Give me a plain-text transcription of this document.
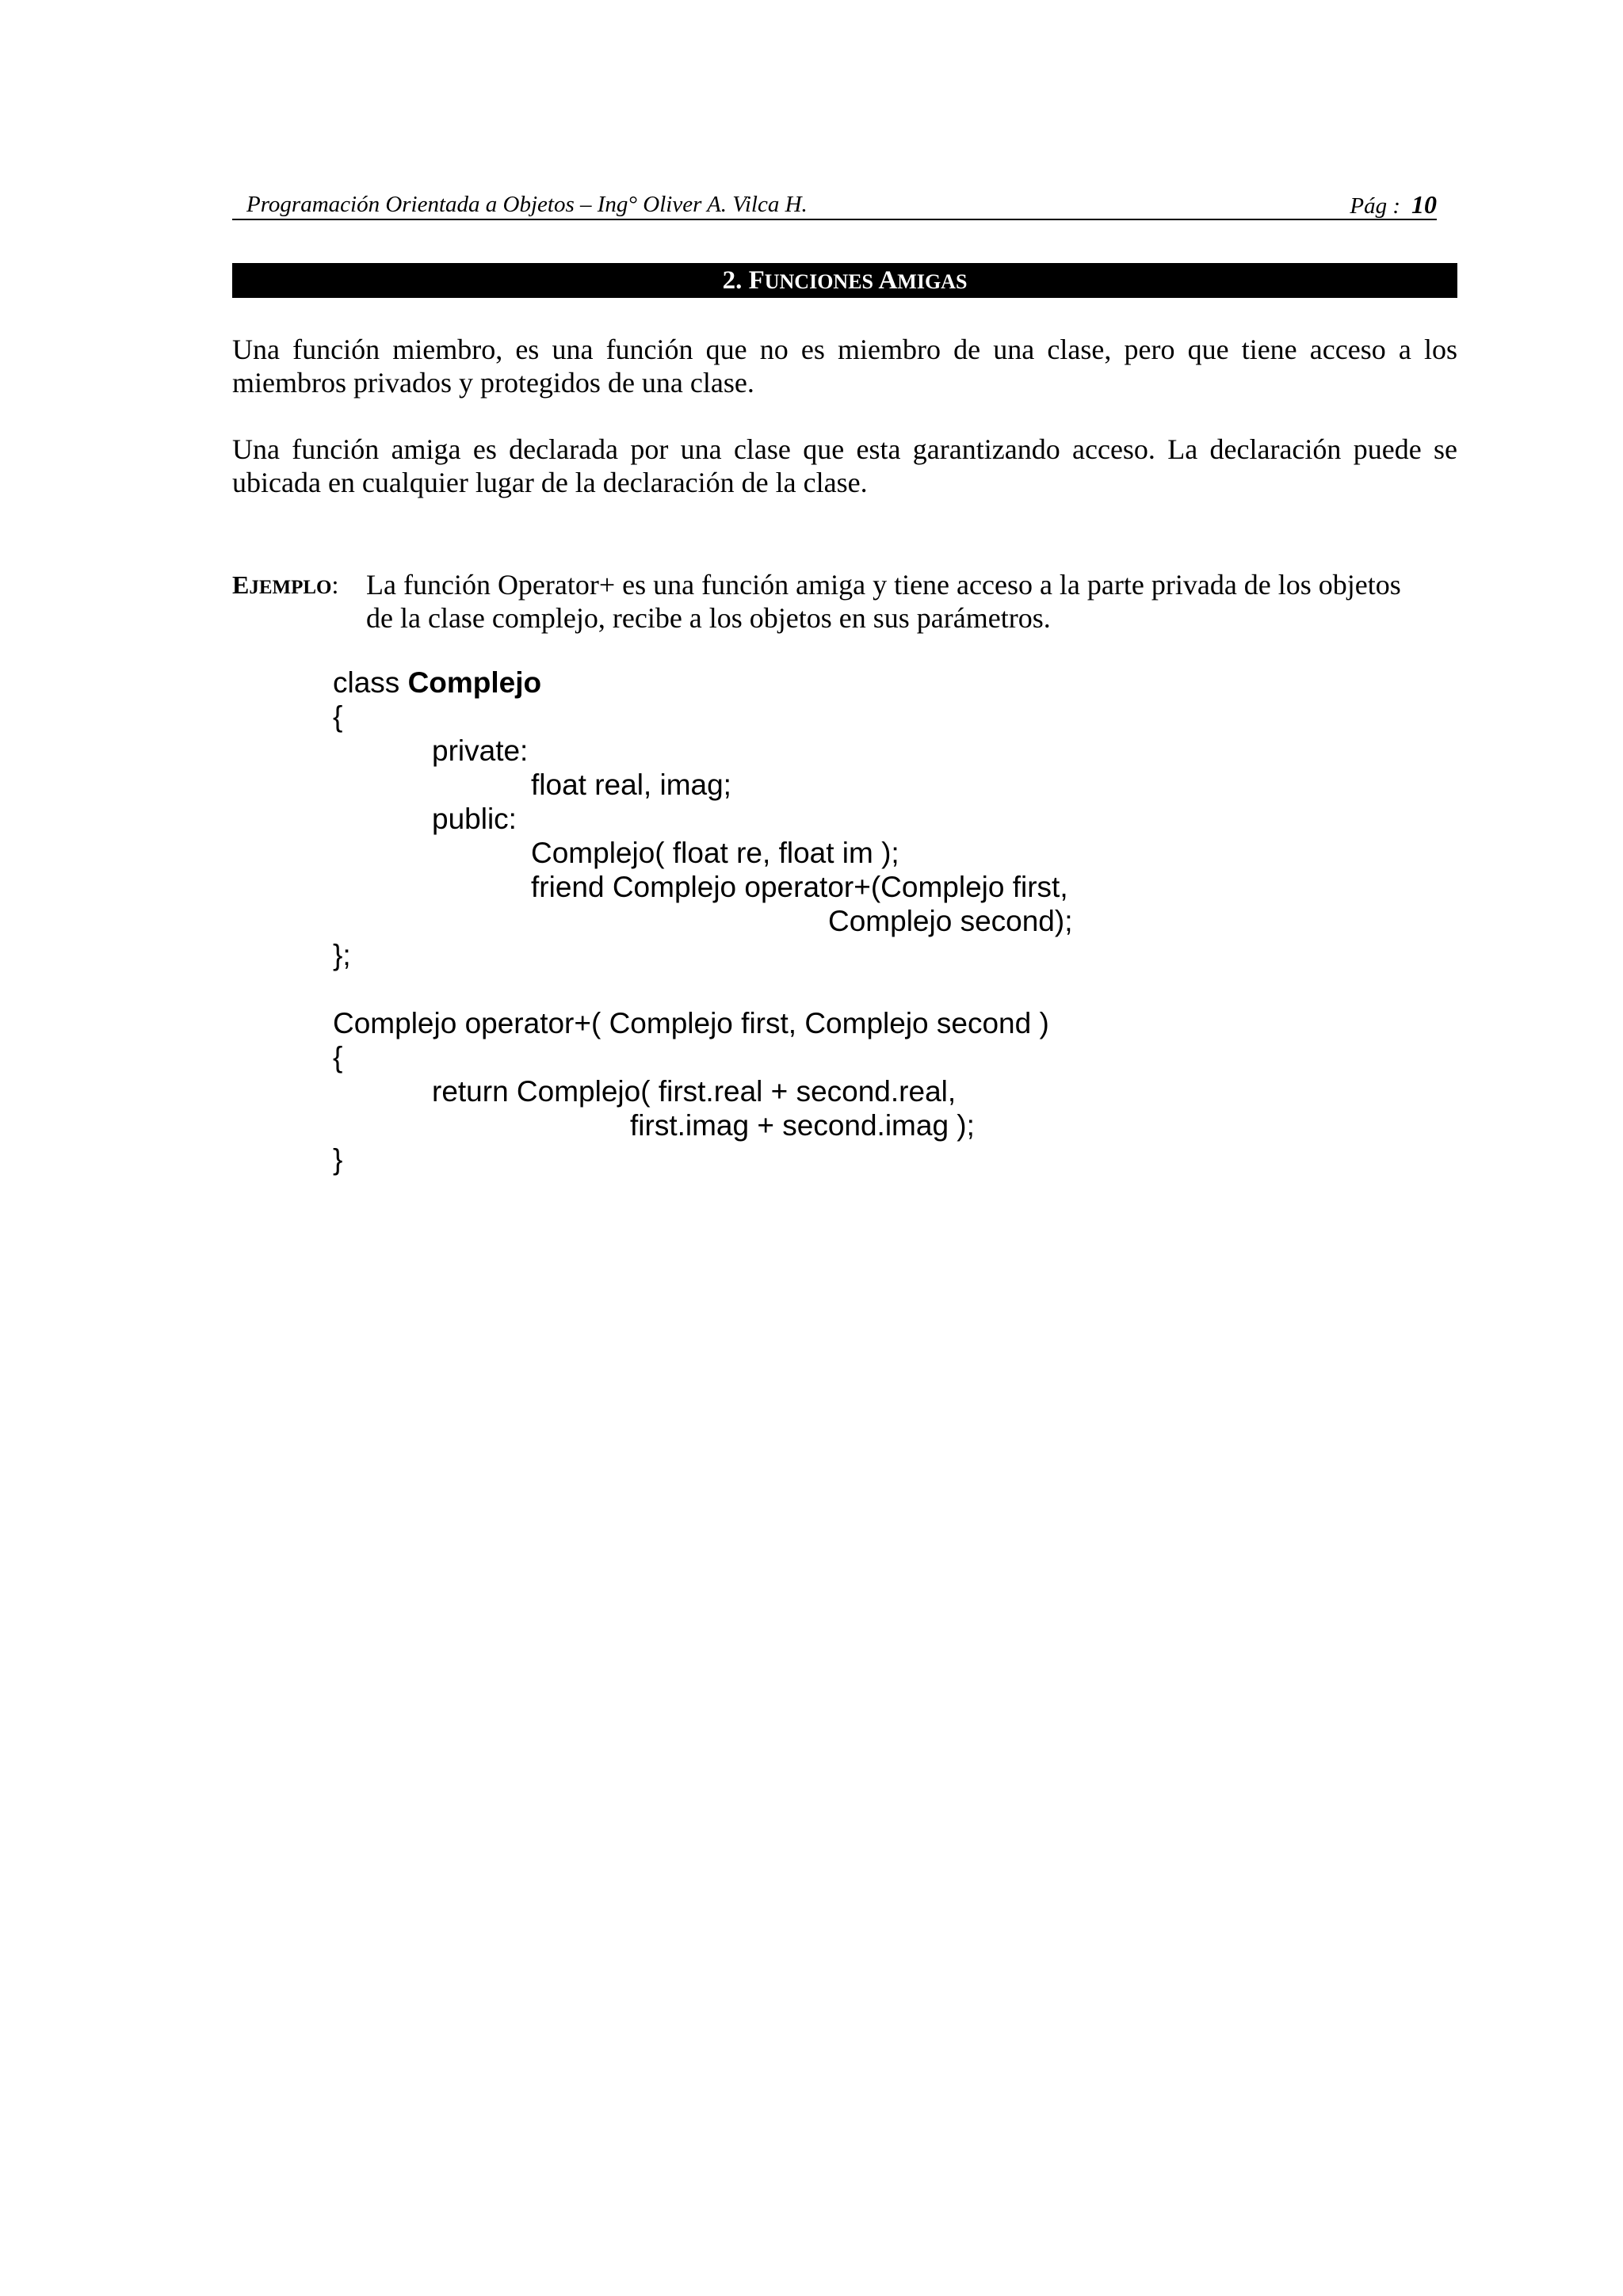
Programación Orientada a Objetos – Ing° Oliver A. Vilca H.	Pág : 10
2. FUNCIONES AMIGAS
Una función miembro, es una función que no es miembro de una clase, pero que tiene acceso a los miembros privados y protegidos de una clase.
Una función amiga es declarada por una clase que esta garantizando acceso. La declaración puede se ubicada en cualquier lugar de la declaración de la clase.
EJEMPLO: La función Operator+ es una función amiga y tiene acceso a la parte privada de los objetos
de la clase complejo, recibe a los objetos en sus parámetros.
class Complejo
{
private:
float real, imag;
public:
Complejo( float re, float im );
friend Complejo operator+(Complejo first,
Complejo second);
};
Complejo operator+( Complejo first, Complejo second )
{
return Complejo( first.real + second.real,
first.imag + second.imag );
}
